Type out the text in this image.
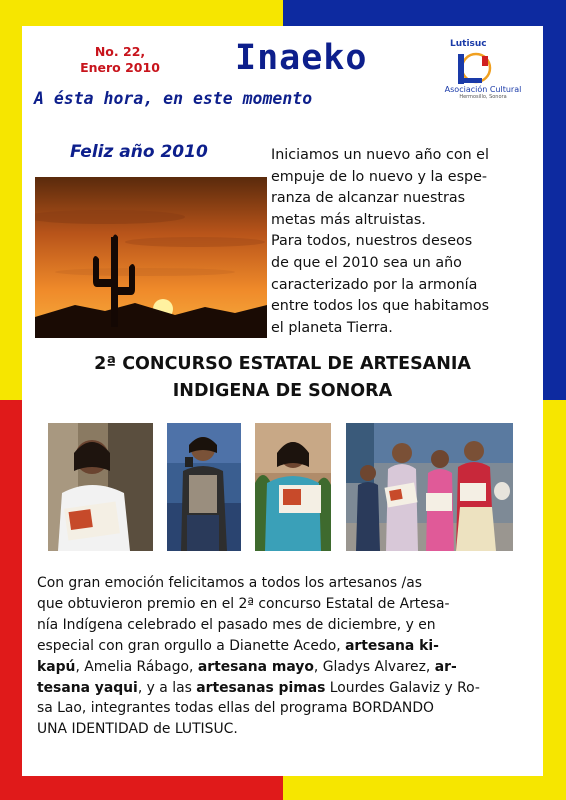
No. 22,
Enero 2010 Inaeko
A ésta hora, en este momento
Lutisuc
Asociación Cultural
Hermosillo, Sonora
Feliz año 2010	Iniciamos un nuevo año con el
empuje de lo nuevo y la espe-
ranza de alcanzar nuestras
metas más altruistas.
Para todos, nuestros deseos
de que el 2010 sea un año
caracterizado por la armonía
entre todos los que habitamos
el planeta Tierra.
2ª CONCURSO ESTATAL DE ARTESANIA
INDIGENA DE SONORA
Con gran emoción felicitamos a todos los artesanos /as
que obtuvieron premio en el 2ª concurso Estatal de Artesa-
nía Indígena celebrado el pasado mes de diciembre, y en
especial con gran orgullo a Dianette Acedo, artesana ki-
kapú, Amelia Rábago, artesana mayo, Gladys Alvarez, ar-
tesana yaqui, y a las artesanas pimas Lourdes Galaviz y Ro-
sa Lao, integrantes todas ellas del programa BORDANDO
UNA IDENTIDAD de LUTISUC.
